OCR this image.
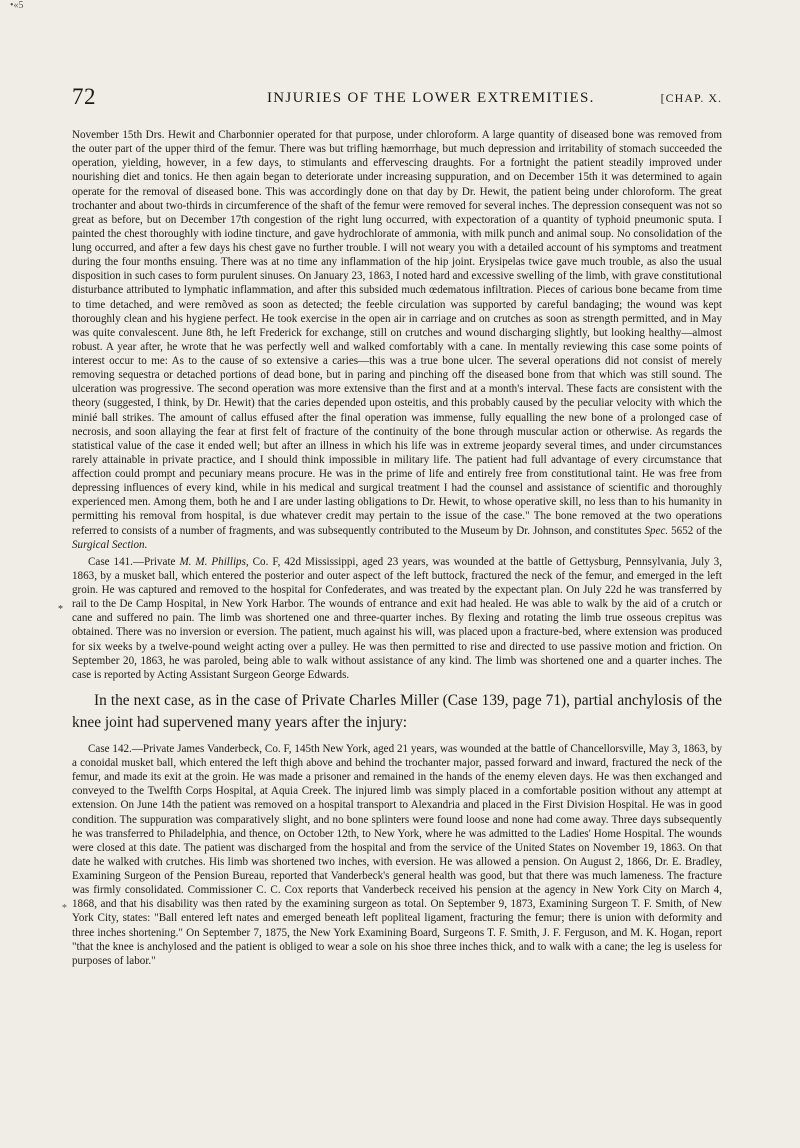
•«5
72	INJURIES OF THE LOWER EXTREMITIES.	[CHAP. X.
*
*

November 15th Drs. Hewit and Charbonnier operated for that purpose, under chloroform. A large quantity of diseased bone was removed from the outer part of the upper third of the femur. There was but trifling hæmorrhage, but much depression and irritability of stomach succeeded the operation, yielding, however, in a few days, to stimulants and effervescing draughts. For a fortnight the patient steadily improved under nourishing diet and tonics. He then again began to deteriorate under increasing suppuration, and on December 15th it was determined to again operate for the removal of diseased bone. This was accordingly done on that day by Dr. Hewit, the patient being under chloroform. The great trochanter and about two-thirds in circumference of the shaft of the femur were removed for several inches. The depression consequent was not so great as before, but on December 17th congestion of the right lung occurred, with expectoration of a quantity of typhoid pneumonic sputa. I painted the chest thoroughly with iodine tincture, and gave hydrochlorate of ammonia, with milk punch and animal soup. No consolidation of the lung occurred, and after a few days his chest gave no further trouble. I will not weary you with a detailed account of his symptoms and treatment during the four months ensuing. There was at no time any inflammation of the hip joint. Erysipelas twice gave much trouble, as also the usual disposition in such cases to form purulent sinuses. On January 23, 1863, I noted hard and excessive swelling of the limb, with grave constitutional disturbance attributed to lymphatic inflammation, and after this subsided much œdematous infiltration. Pieces of carious bone became from time to time detached, and were remõved as soon as detected; the feeble circulation was supported by careful bandaging; the wound was kept thoroughly clean and his hygiene perfect. He took exercise in the open air in carriage and on crutches as soon as strength permitted, and in May was quite convalescent. June 8th, he left Frederick for exchange, still on crutches and wound discharging slightly, but looking healthy—almost robust. A year after, he wrote that he was perfectly well and walked comfortably with a cane. In mentally reviewing this case some points of interest occur to me: As to the cause of so extensive a caries—this was a true bone ulcer. The several operations did not consist of merely removing sequestra or detached portions of dead bone, but in paring and pinching off the diseased bone from that which was still sound. The ulceration was progressive. The second operation was more extensive than the first and at a month's interval. These facts are consistent with the theory (suggested, I think, by Dr. Hewit) that the caries depended upon osteitis, and this probably caused by the peculiar velocity with which the minié ball strikes. The amount of callus effused after the final operation was immense, fully equalling the new bone of a prolonged case of necrosis, and soon allaying the fear at first felt of fracture of the continuity of the bone through muscular action or otherwise. As regards the statistical value of the case it ended well; but after an illness in which his life was in extreme jeopardy several times, and under circumstances rarely attainable in private practice, and I should think impossible in military life. The patient had full advantage of every circumstance that affection could prompt and pecuniary means procure. He was in the prime of life and entirely free from constitutional taint. He was free from depressing influences of every kind, while in his medical and surgical treatment I had the counsel and assistance of scientific and thoroughly experienced men. Among them, both he and I are under lasting obligations to Dr. Hewit, to whose operative skill, no less than to his humanity in permitting his removal from hospital, is due whatever credit may pertain to the issue of the case." The bone removed at the two operations referred to consists of a number of fragments, and was subsequently contributed to the Museum by Dr. Johnson, and constitutes Spec. 5652 of the Surgical Section.

Case 141.—Private M. M. Phillips, Co. F, 42d Mississippi, aged 23 years, was wounded at the battle of Gettysburg, Pennsylvania, July 3, 1863, by a musket ball, which entered the posterior and outer aspect of the left buttock, fractured the neck of the femur, and emerged in the left groin. He was captured and removed to the hospital for Confederates, and was treated by the expectant plan. On July 22d he was transferred by rail to the De Camp Hospital, in New York Harbor. The wounds of entrance and exit had healed. He was able to walk by the aid of a crutch or cane and suffered no pain. The limb was shortened one and three-quarter inches. By flexing and rotating the limb true osseous crepitus was obtained. There was no inversion or eversion. The patient, much against his will, was placed upon a fracture-bed, where extension was produced for six weeks by a twelve-pound weight acting over a pulley. He was then permitted to rise and directed to use passive motion and friction. On September 20, 1863, he was paroled, being able to walk without assistance of any kind. The limb was shortened one and a quarter inches. The case is reported by Acting Assistant Surgeon George Edwards.

In the next case, as in the case of Private Charles Miller (Case 139, page 71), partial anchylosis of the knee joint had supervened many years after the injury:

Case 142.—Private James Vanderbeck, Co. F, 145th New York, aged 21 years, was wounded at the battle of Chancellorsville, May 3, 1863, by a conoidal musket ball, which entered the left thigh above and behind the trochanter major, passed forward and inward, fractured the neck of the femur, and made its exit at the groin. He was made a prisoner and remained in the hands of the enemy eleven days. He was then exchanged and conveyed to the Twelfth Corps Hospital, at Aquia Creek. The injured limb was simply placed in a comfortable position without any attempt at extension. On June 14th the patient was removed on a hospital transport to Alexandria and placed in the First Division Hospital. He was in good condition. The suppuration was comparatively slight, and no bone splinters were found loose and none had come away. Three days subsequently he was transferred to Philadelphia, and thence, on October 12th, to New York, where he was admitted to the Ladies' Home Hospital. The wounds were closed at this date. The patient was discharged from the hospital and from the service of the United States on November 19, 1863. On that date he walked with crutches. His limb was shortened two inches, with eversion. He was allowed a pension. On August 2, 1866, Dr. E. Bradley, Examining Surgeon of the Pension Bureau, reported that Vanderbeck's general health was good, but that there was much lameness. The fracture was firmly consolidated. Commissioner C. C. Cox reports that Vanderbeck received his pension at the agency in New York City on March 4, 1868, and that his disability was then rated by the examining surgeon as total. On September 9, 1873, Examining Surgeon T. F. Smith, of New York City, states: "Ball entered left nates and emerged beneath left popliteal ligament, fracturing the femur; there is union with deformity and three inches shortening." On September 7, 1875, the New York Examining Board, Surgeons T. F. Smith, J. F. Ferguson, and M. K. Hogan, report "that the knee is anchylosed and the patient is obliged to wear a sole on his shoe three inches thick, and to walk with a cane; the leg is useless for purposes of labor."
